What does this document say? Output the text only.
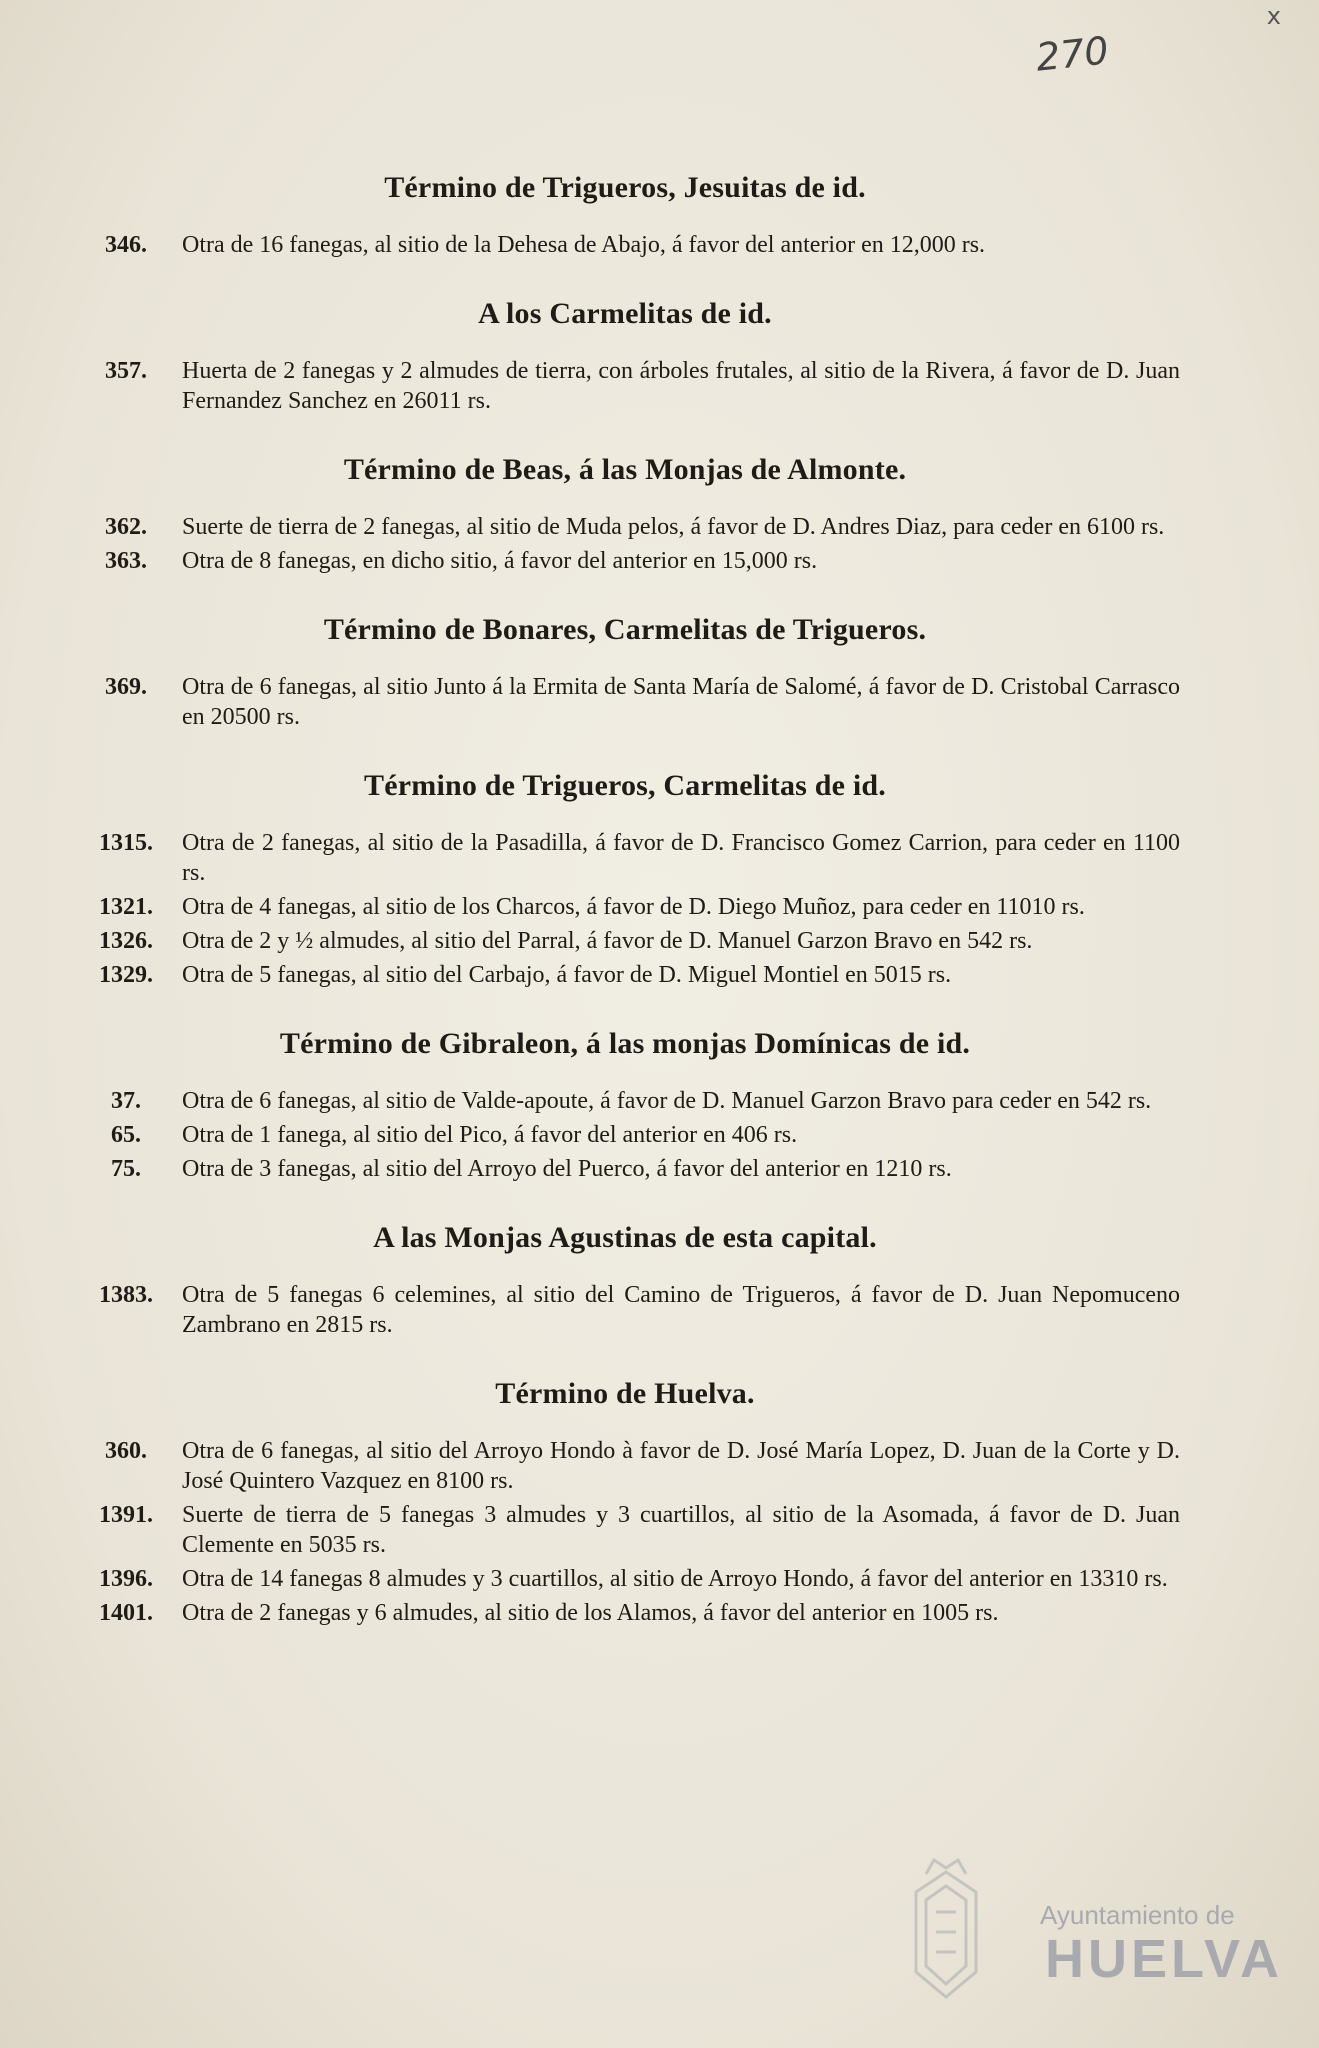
x
270
Término de Trigueros, Jesuitas de id.
346.	Otra de 16 fanegas, al sitio de la Dehesa de Abajo, á favor del anterior en 12,000 rs.
A los Carmelitas de id.
357.	Huerta de 2 fanegas y 2 almudes de tierra, con árboles frutales, al sitio de la Rivera, á favor de D. Juan Fernandez Sanchez en 26011 rs.
Término de Beas, á las Monjas de Almonte.
362.	Suerte de tierra de 2 fanegas, al sitio de Muda pelos, á favor de D. Andres Diaz, para ceder en 6100 rs.
363.	Otra de 8 fanegas, en dicho sitio, á favor del anterior en 15,000 rs.
Término de Bonares, Carmelitas de Trigueros.
369.	Otra de 6 fanegas, al sitio Junto á la Ermita de Santa María de Salomé, á favor de D. Cristobal Carrasco en 20500 rs.
Término de Trigueros, Carmelitas de id.
1315.	Otra de 2 fanegas, al sitio de la Pasadilla, á favor de D. Francisco Gomez Carrion, para ceder en 1100 rs.
1321.	Otra de 4 fanegas, al sitio de los Charcos, á favor de D. Diego Muñoz, para ceder en 11010 rs.
1326.	Otra de 2 y ½ almudes, al sitio del Parral, á favor de D. Manuel Garzon Bravo en 542 rs.
1329.	Otra de 5 fanegas, al sitio del Carbajo, á favor de D. Miguel Montiel en 5015 rs.
Término de Gibraleon, á las monjas Domínicas de id.
37.	Otra de 6 fanegas, al sitio de Valde-apoute, á favor de D. Manuel Garzon Bravo para ceder en 542 rs.
65.	Otra de 1 fanega, al sitio del Pico, á favor del anterior en 406 rs.
75.	Otra de 3 fanegas, al sitio del Arroyo del Puerco, á favor del anterior en 1210 rs.
A las Monjas Agustinas de esta capital.
1383.	Otra de 5 fanegas 6 celemines, al sitio del Camino de Trigueros, á favor de D. Juan Nepomuceno Zambrano en 2815 rs.
Término de Huelva.
360.	Otra de 6 fanegas, al sitio del Arroyo Hondo à favor de D. José María Lopez, D. Juan de la Corte y D. José Quintero Vazquez en 8100 rs.
1391.	Suerte de tierra de 5 fanegas 3 almudes y 3 cuartillos, al sitio de la Asomada, á favor de D. Juan Clemente en 5035 rs.
1396.	Otra de 14 fanegas 8 almudes y 3 cuartillos, al sitio de Arroyo Hondo, á favor del anterior en 13310 rs.
1401.	Otra de 2 fanegas y 6 almudes, al sitio de los Alamos, á favor del anterior en 1005 rs.
Ayuntamiento de
HUELVA
